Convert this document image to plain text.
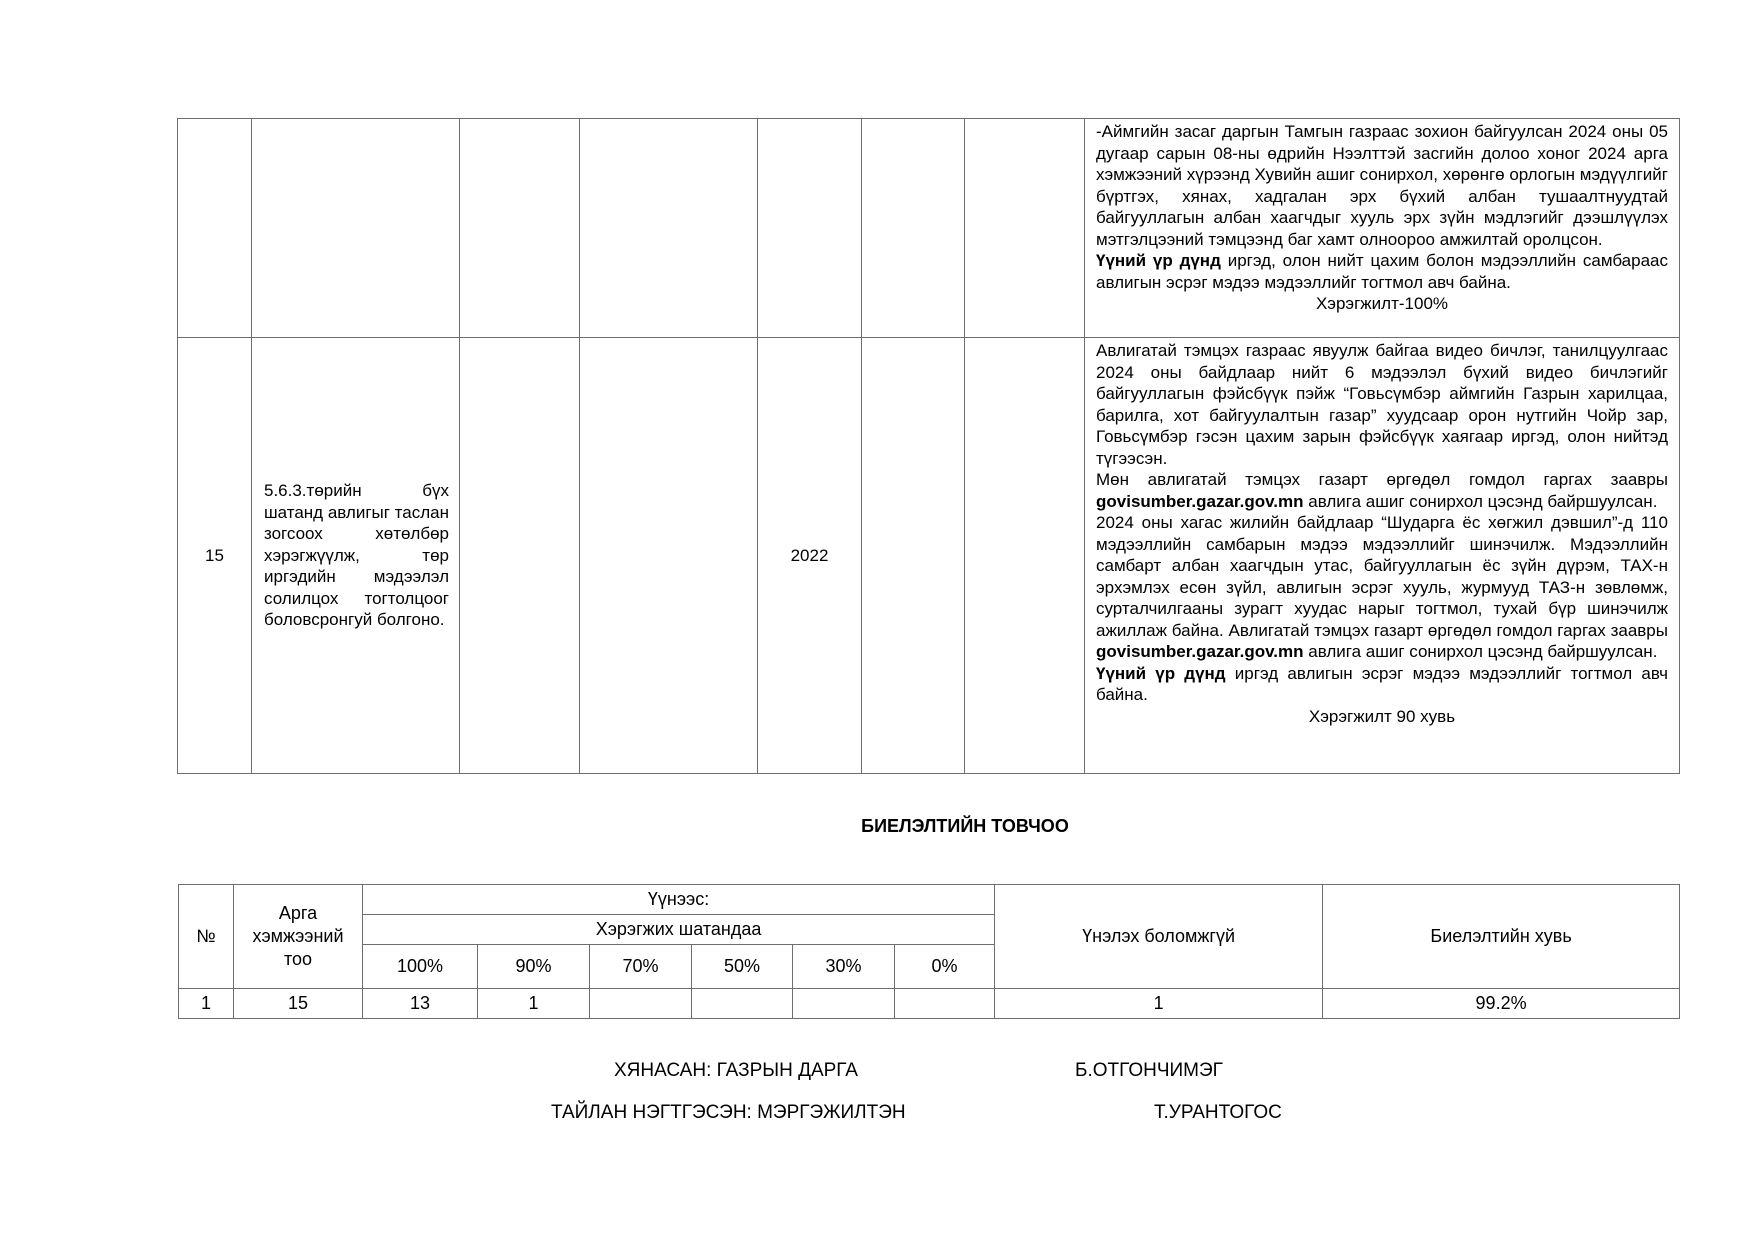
							-Аймгийн засаг даргын Тамгын газраас зохион байгуулсан 2024 оны 05 дугаар сарын 08-ны өдрийн Нээлттэй засгийн долоо хоног 2024 арга хэмжээний хүрээнд Хувийн ашиг сонирхол, хөрөнгө орлогын мэдүүлгийг бүртгэх, хянах, хадгалан эрх бүхий албан тушаалтнуудтай байгууллагын албан хаагчдыг хууль эрх зүйн мэдлэгийг дээшлүүлэх мэтгэлцээний тэмцээнд баг хамт олноороо амжилтай оролцсон.

Үүний үр дүнд иргэд, олон нийт цахим болон мэдээллийн самбараас авлигын эсрэг мэдээ мэдээллийг тогтмол авч байна.

Хэрэгжилт-100%

15	5.6.3.төрийн бүх шатанд авлигыг таслан зогсоох хөтөлбөр хэрэгжүүлж, төр иргэдийн мэдээлэл солилцох тогтолцоог боловсронгуй болгоно.			2022			Авлигатай тэмцэх газраас явуулж байгаа видео бичлэг, танилцуулгаас 2024 оны байдлаар нийт 6 мэдээлэл бүхий видео бичлэгийг байгууллагын фэйсбүүк пэйж “Говьсүмбэр аймгийн Газрын харилцаа, барилга, хот байгуулалтын газар” хуудсаар орон нутгийн Чойр зар, Говьсүмбэр гэсэн цахим зарын фэйсбүүк хаягаар иргэд, олон нийтэд түгээсэн.

Мөн авлигатай тэмцэх газарт өргөдөл гомдол гаргах заавры govisumber.gazar.gov.mn авлига ашиг сонирхол цэсэнд байршуулсан.

2024 оны хагас жилийн байдлаар “Шударга ёс хөгжил дэвшил”-д 110 мэдээллийн самбарын мэдээ мэдээллийг шинэчилж. Мэдээллийн самбарт албан хаагчдын утас, байгууллагын ёс зүйн дүрэм, ТАХ-н эрхэмлэх есөн зүйл, авлигын эсрэг хууль, журмууд ТАЗ-н зөвлөмж, сурталчилгааны зурагт хуудас нарыг тогтмол, тухай бүр шинэчилж ажиллаж байна. Авлигатай тэмцэх газарт өргөдөл гомдол гаргах заавры govisumber.gazar.gov.mn авлига ашиг сонирхол цэсэнд байршуулсан.

Үүний үр дүнд иргэд авлигын эсрэг мэдээ мэдээллийг тогтмол авч байна.

Хэрэгжилт 90 хувь

БИЕЛЭЛТИЙН ТОВЧОО
№	Арга хэмжээний тоо	Үүнээс:						Үнэлэх боломжгүй	Биелэлтийн хувь
		Хэрэгжих шатандаа							
		100%	90%	70%	50%	30%	0%		
1	15	13	1					1	99.2%
ХЯНАСАН: ГАЗРЫН ДАРГА	Б.ОТГОНЧИМЭГ
ТАЙЛАН НЭГТГЭСЭН: МЭРГЭЖИЛТЭН	Т.УРАНТОГОС
